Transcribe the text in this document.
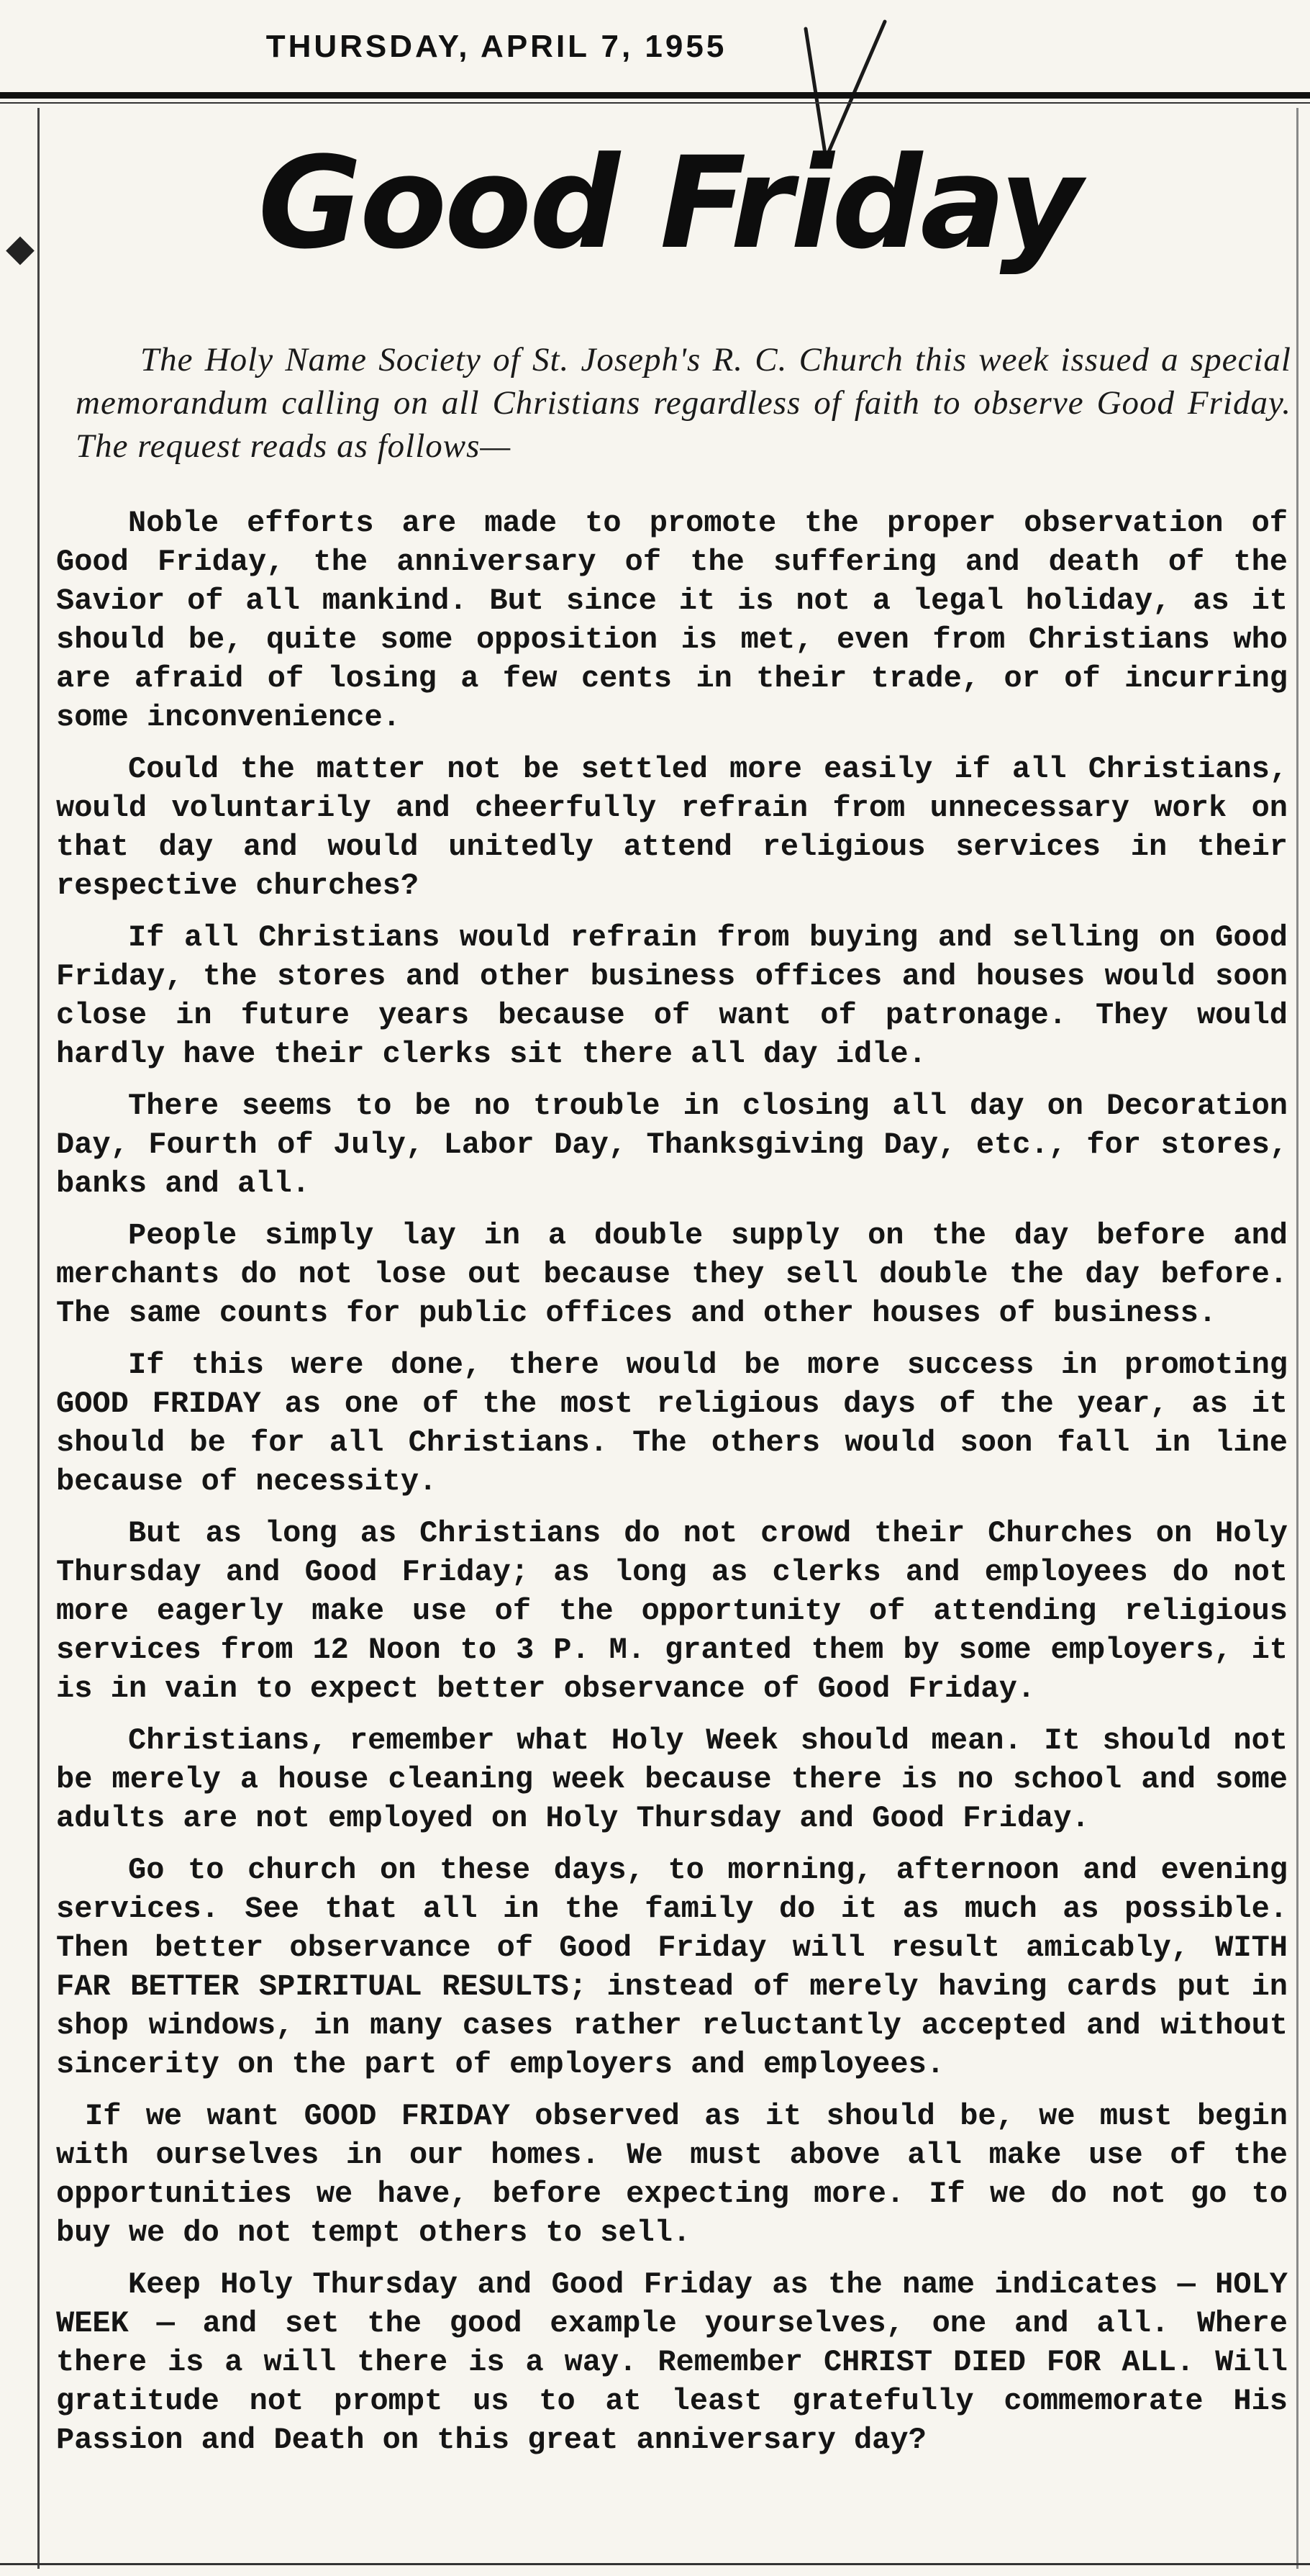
THURSDAY, APRIL 7, 1955
◆	Good Friday
The Holy Name Society of St. Joseph's R. C. Church this week issued a special memorandum calling on all Christians regardless of faith to observe Good Friday. The request reads as follows—

Noble efforts are made to promote the proper observation of Good Friday, the anniversary of the suffering and death of the Savior of all mankind. But since it is not a legal holiday, as it should be, quite some opposition is met, even from Christians who are afraid of losing a few cents in their trade, or of incurring some inconvenience.

Could the matter not be settled more easily if all Christians, would voluntarily and cheerfully refrain from unnecessary work on that day and would unitedly attend religious services in their respective churches?

If all Christians would refrain from buying and selling on Good Friday, the stores and other business offices and houses would soon close in future years because of want of patronage. They would hardly have their clerks sit there all day idle.

There seems to be no trouble in closing all day on Decoration Day, Fourth of July, Labor Day, Thanksgiving Day, etc., for stores, banks and all.

People simply lay in a double supply on the day before and merchants do not lose out because they sell double the day before. The same counts for public offices and other houses of business.

If this were done, there would be more success in promoting GOOD FRIDAY as one of the most religious days of the year, as it should be for all Christians. The others would soon fall in line because of necessity.

But as long as Christians do not crowd their Churches on Holy Thursday and Good Friday; as long as clerks and employees do not more eagerly make use of the opportunity of attending religious services from 12 Noon to 3 P. M. granted them by some employers, it is in vain to expect better observance of Good Friday.

Christians, remember what Holy Week should mean. It should not be merely a house cleaning week because there is no school and some adults are not employed on Holy Thursday and Good Friday.

Go to church on these days, to morning, afternoon and evening services. See that all in the family do it as much as possible. Then better observance of Good Friday will result amicably, WITH FAR BETTER SPIRITUAL RESULTS; instead of merely having cards put in shop windows, in many cases rather reluctantly accepted and without sincerity on the part of employers and employees.

If we want GOOD FRIDAY observed as it should be, we must begin with ourselves in our homes. We must above all make use of the opportunities we have, before expecting more. If we do not go to buy we do not tempt others to sell.

Keep Holy Thursday and Good Friday as the name indicates — HOLY WEEK — and set the good example yourselves, one and all. Where there is a will there is a way. Remember CHRIST DIED FOR ALL. Will gratitude not prompt us to at least gratefully commemorate His Passion and Death on this great anniversary day?
